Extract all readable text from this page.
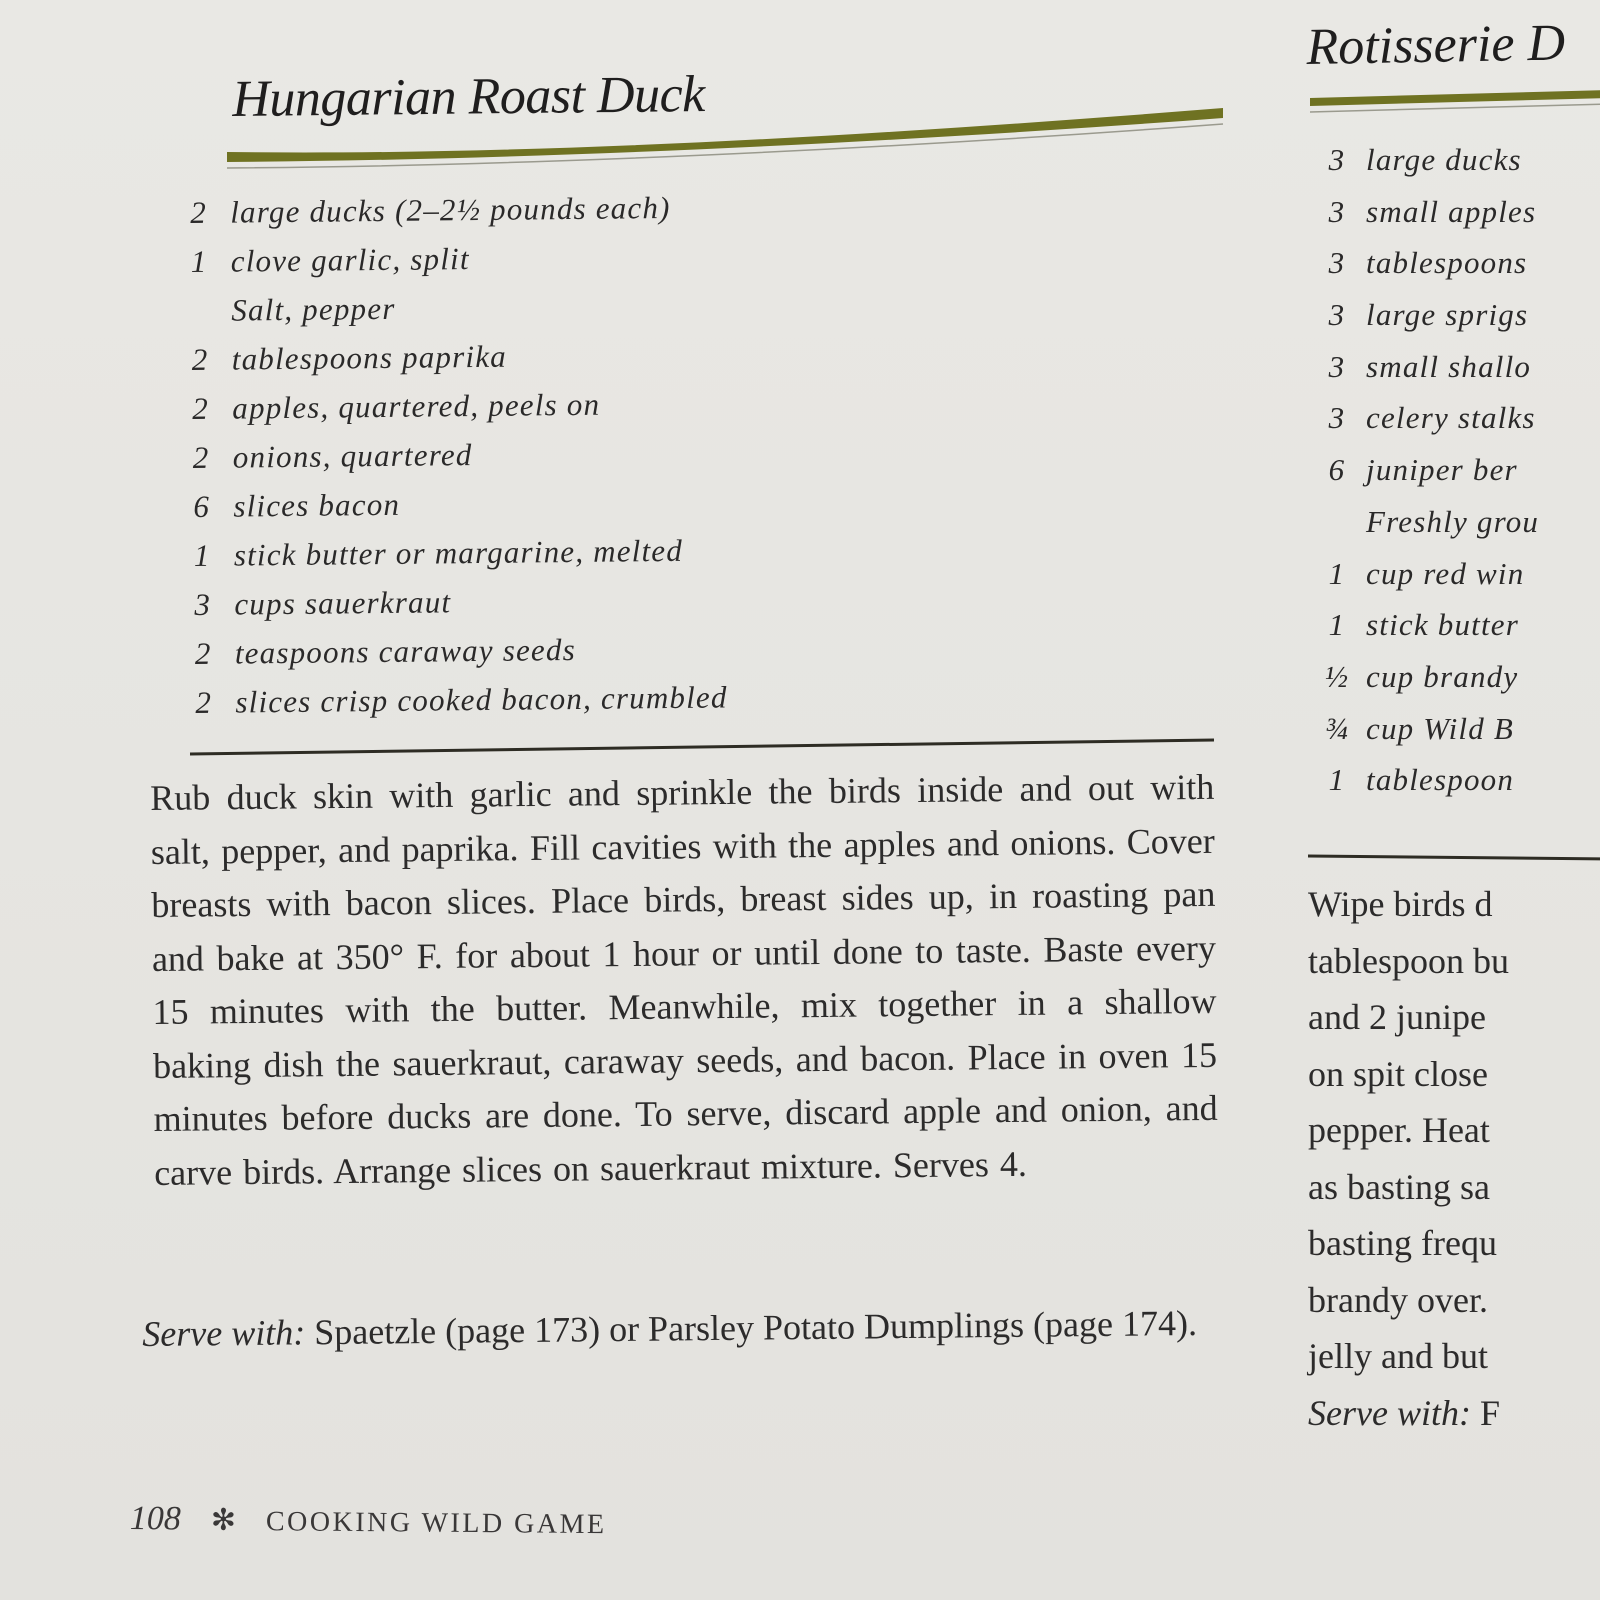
Hungarian Roast Duck
2 large ducks (2–2½ pounds each)
1 clove garlic, split
Salt, pepper
2 tablespoons paprika
2 apples, quartered, peels on
2 onions, quartered
6 slices bacon
1 stick butter or margarine, melted
3 cups sauerkraut
2 teaspoons caraway seeds
2 slices crisp cooked bacon, crumbled

Rub duck skin with garlic and sprinkle the birds inside and out with salt, pepper, and paprika. Fill cavities with the apples and onions. Cover breasts with bacon slices. Place birds, breast sides up, in roasting pan and bake at 350° F. for about 1 hour or until done to taste. Baste every 15 minutes with the butter. Meanwhile, mix together in a shallow baking dish the sauerkraut, caraway seeds, and bacon. Place in oven 15 minutes before ducks are done. To serve, discard apple and onion, and carve birds. Arrange slices on sauerkraut mixture. Serves 4.

Serve with: Spaetzle (page 173) or Parsley Potato Dumplings (page 174).

108 ✻ COOKING WILD GAME
Rotisserie D
3 large ducks
3 small apples
3 tablespoons
3 large sprigs
3 small shallo
3 celery stalks
6 juniper ber
Freshly grou
1 cup red win
1 stick butter
½ cup brandy
¾ cup Wild B
1 tablespoon
Wipe birds d
tablespoon bu
and 2 junipe
on spit close
pepper. Heat
as basting sa
basting frequ
brandy over.
jelly and but
Serve with: F
